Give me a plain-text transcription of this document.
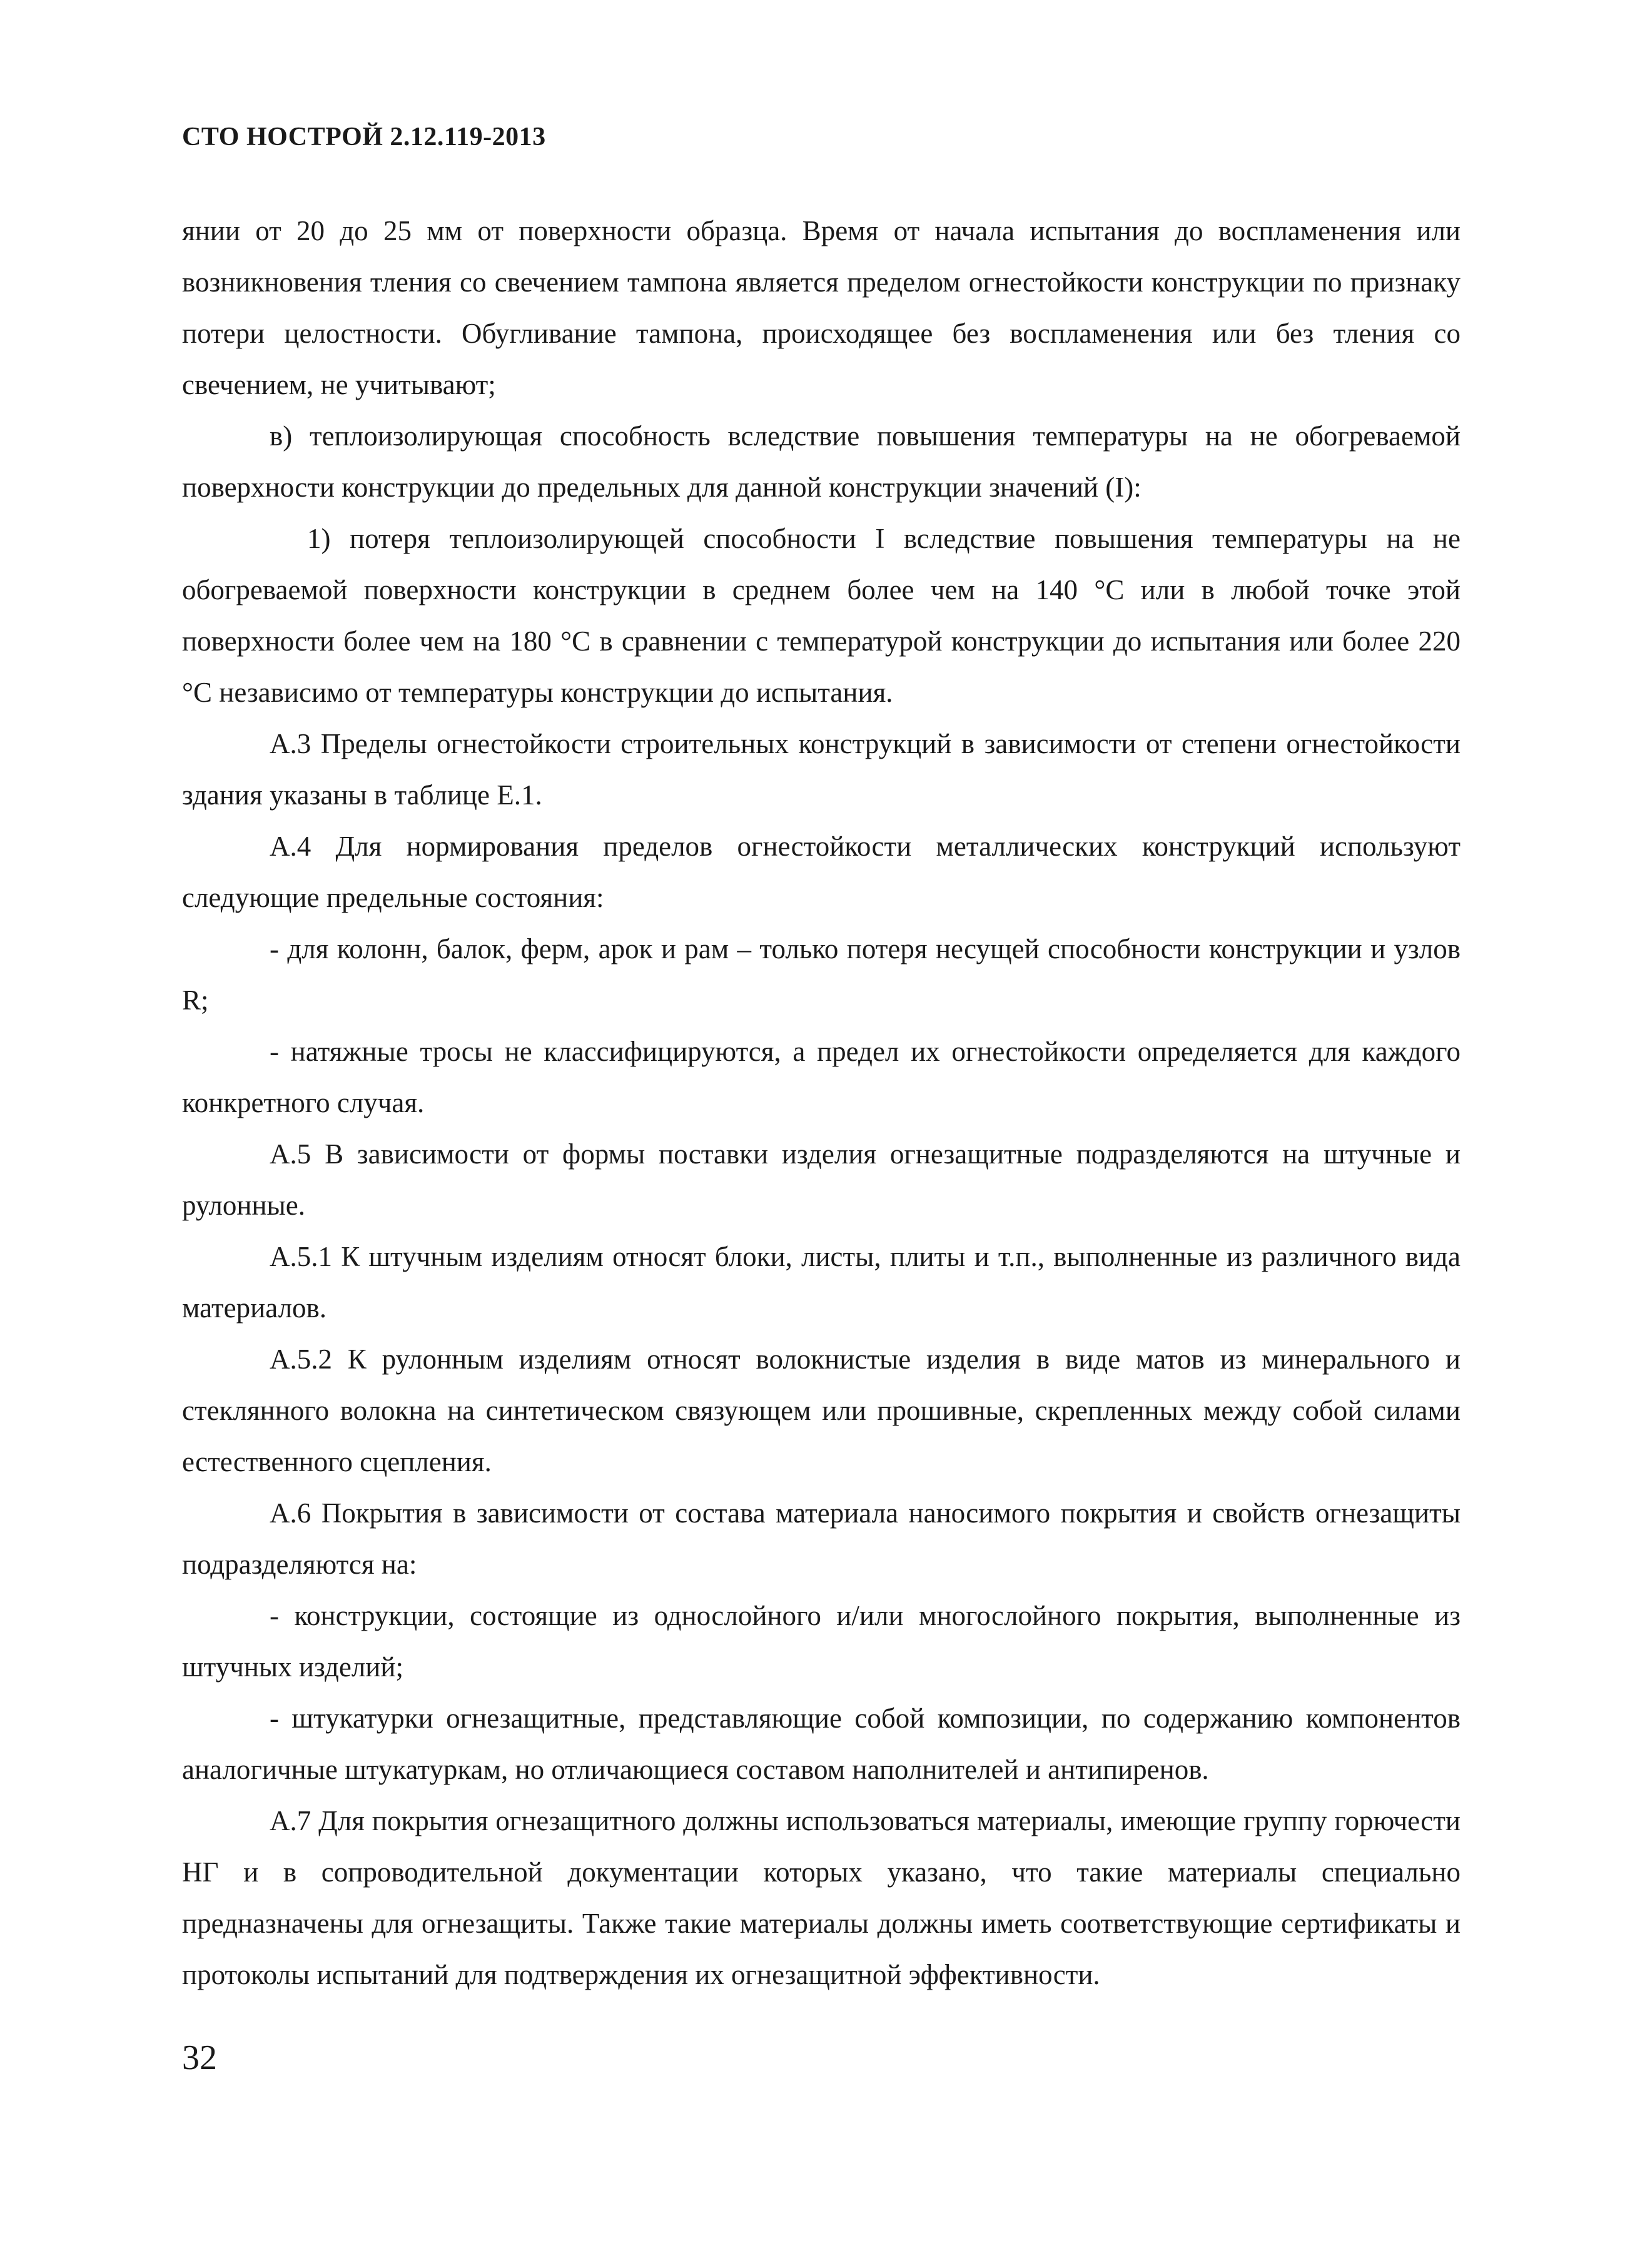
СТО НОСТРОЙ 2.12.119-2013

янии от 20 до 25 мм от поверхности образца. Время от начала испытания до воспламенения или возникновения тления со свечением тампона является пределом огнестойкости конструкции по признаку потери целостности. Обугливание тампона, происходящее без воспламенения или без тления со свечением, не учитывают;

в) теплоизолирующая способность вследствие повышения температуры на не обогреваемой поверхности конструкции до предельных для данной конструкции значений (I):

1) потеря теплоизолирующей способности I вследствие повышения температуры на не обогреваемой поверхности конструкции в среднем более чем на 140 °С или в любой точке этой поверхности более чем на 180 °С в сравнении с температурой конструкции до испытания или более 220 °С независимо от температуры конструкции до испытания.

А.3 Пределы огнестойкости строительных конструкций в зависимости от степени огнестойкости здания указаны в таблице Е.1.

А.4 Для нормирования пределов огнестойкости металлических конструкций используют следующие предельные состояния:

- для колонн, балок, ферм, арок и рам – только потеря несущей способности конструкции и узлов R;

- натяжные тросы не классифицируются, а предел их огнестойкости определяется для каждого конкретного случая.

А.5 В зависимости от формы поставки изделия огнезащитные подразделяются на штучные и рулонные.

А.5.1 К штучным изделиям относят блоки, листы, плиты и т.п., выполненные из различного вида материалов.

А.5.2 К рулонным изделиям относят волокнистые изделия в виде матов из минерального и стеклянного волокна на синтетическом связующем или прошивные, скрепленных между собой силами естественного сцепления.

А.6 Покрытия в зависимости от состава материала наносимого покрытия и свойств огнезащиты подразделяются на:

- конструкции, состоящие из однослойного и/или многослойного покрытия, выполненные из штучных изделий;

- штукатурки огнезащитные, представляющие собой композиции, по содержанию компонентов аналогичные штукатуркам, но отличающиеся составом наполнителей и антипиренов.

А.7 Для покрытия огнезащитного должны использоваться материалы, имеющие группу горючести НГ и в сопроводительной документации которых указано, что такие материалы специально предназначены для огнезащиты. Также такие материалы должны иметь соответствующие сертификаты и протоколы испытаний для подтверждения их огнезащитной эффективности.

32
